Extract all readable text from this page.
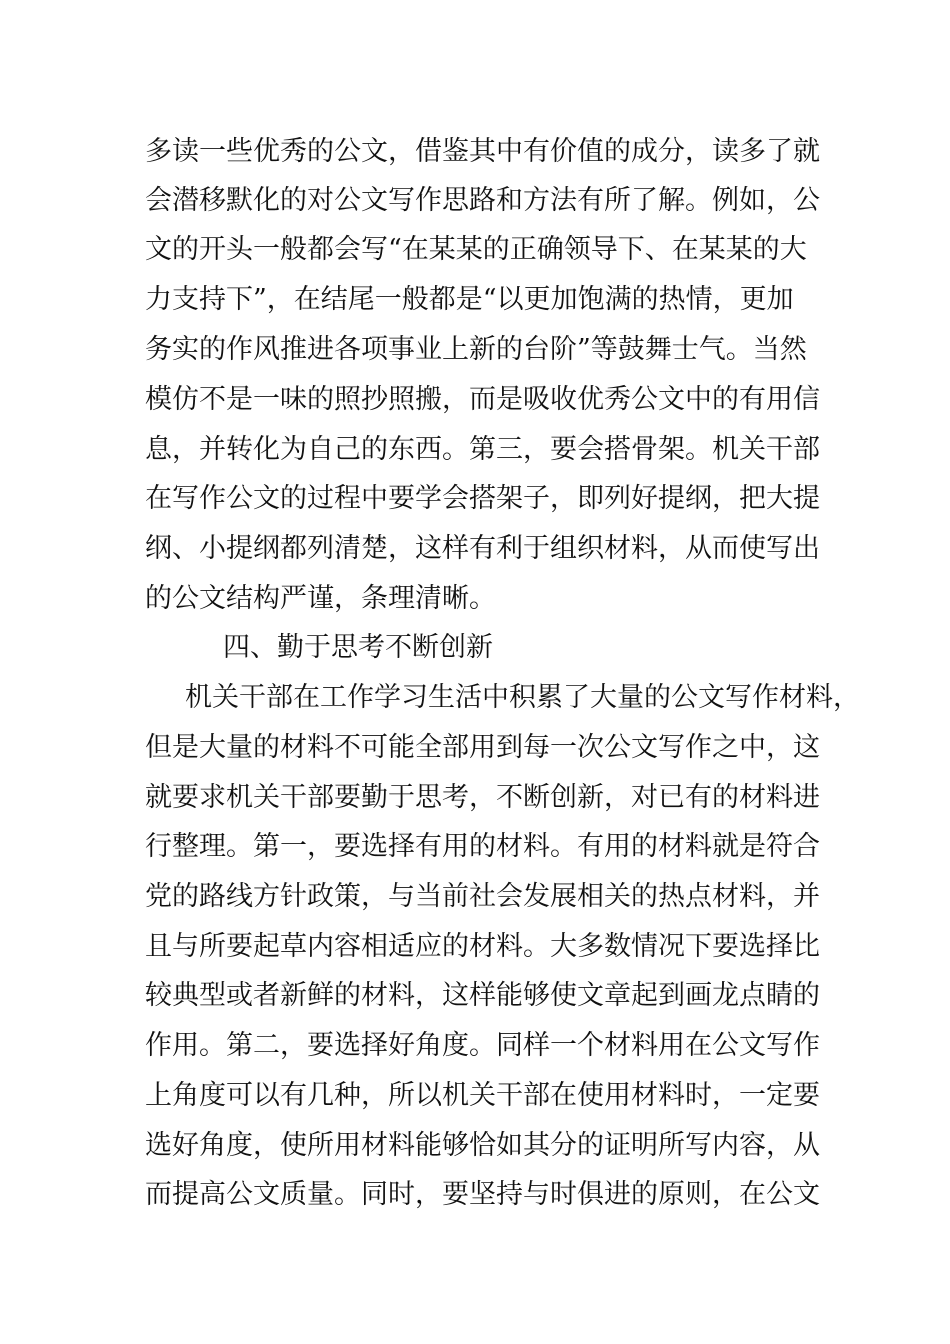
多读一些优秀的公文，借鉴其中有价值的成分，读多了就
会潜移默化的对公文写作思路和方法有所了解。例如，公
文的开头一般都会写“在某某的正确领导下、在某某的大
力支持下”，在结尾一般都是“以更加饱满的热情，更加
务实的作风推进各项事业上新的台阶”等鼓舞士气。当然
模仿不是一味的照抄照搬，而是吸收优秀公文中的有用信
息，并转化为自己的东西。第三，要会搭骨架。机关干部
在写作公文的过程中要学会搭架子，即列好提纲，把大提
纲、小提纲都列清楚，这样有利于组织材料，从而使写出
的公文结构严谨，条理清晰。
四、勤于思考不断创新
机关干部在工作学习生活中积累了大量的公文写作材料，
但是大量的材料不可能全部用到每一次公文写作之中，这
就要求机关干部要勤于思考，不断创新，对已有的材料进
行整理。第一，要选择有用的材料。有用的材料就是符合
党的路线方针政策，与当前社会发展相关的热点材料，并
且与所要起草内容相适应的材料。大多数情况下要选择比
较典型或者新鲜的材料，这样能够使文章起到画龙点睛的
作用。第二，要选择好角度。同样一个材料用在公文写作
上角度可以有几种，所以机关干部在使用材料时，一定要
选好角度，使所用材料能够恰如其分的证明所写内容，从
而提高公文质量。同时，要坚持与时俱进的原则，在公文
